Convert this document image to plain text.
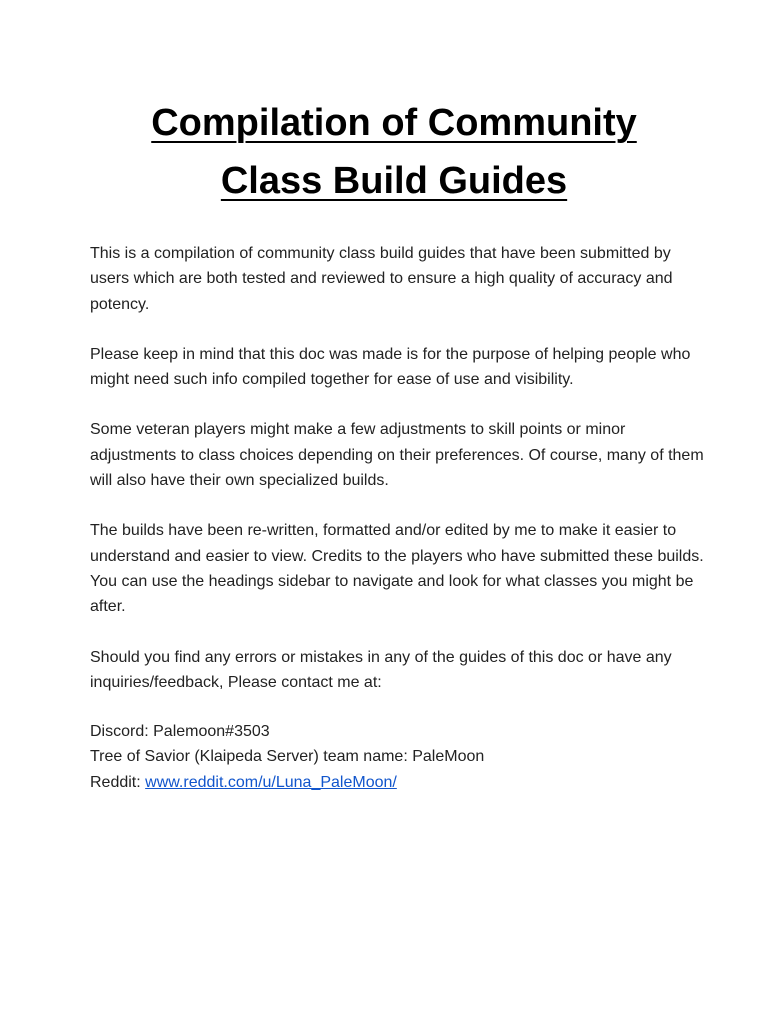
Compilation of Community
Class Build Guides

This is a compilation of community class build guides that have been submitted by users which are both tested and reviewed to ensure a high quality of accuracy and potency.

Please keep in mind that this doc was made is for the purpose of helping people who might need such info compiled together for ease of use and visibility.

Some veteran players might make a few adjustments to skill points or minor adjustments to class choices depending on their preferences. Of course, many of them will also have their own specialized builds.

The builds have been re-written, formatted and/or edited by me to make it easier to understand and easier to view. Credits to the players who have submitted these builds. You can use the headings sidebar to navigate and look for what classes you might be after.

Should you find any errors or mistakes in any of the guides of this doc or have any inquiries/feedback, Please contact me at:

Discord: Palemoon#3503

Tree of Savior (Klaipeda Server) team name: PaleMoon

Reddit: www.reddit.com/u/Luna_PaleMoon/
